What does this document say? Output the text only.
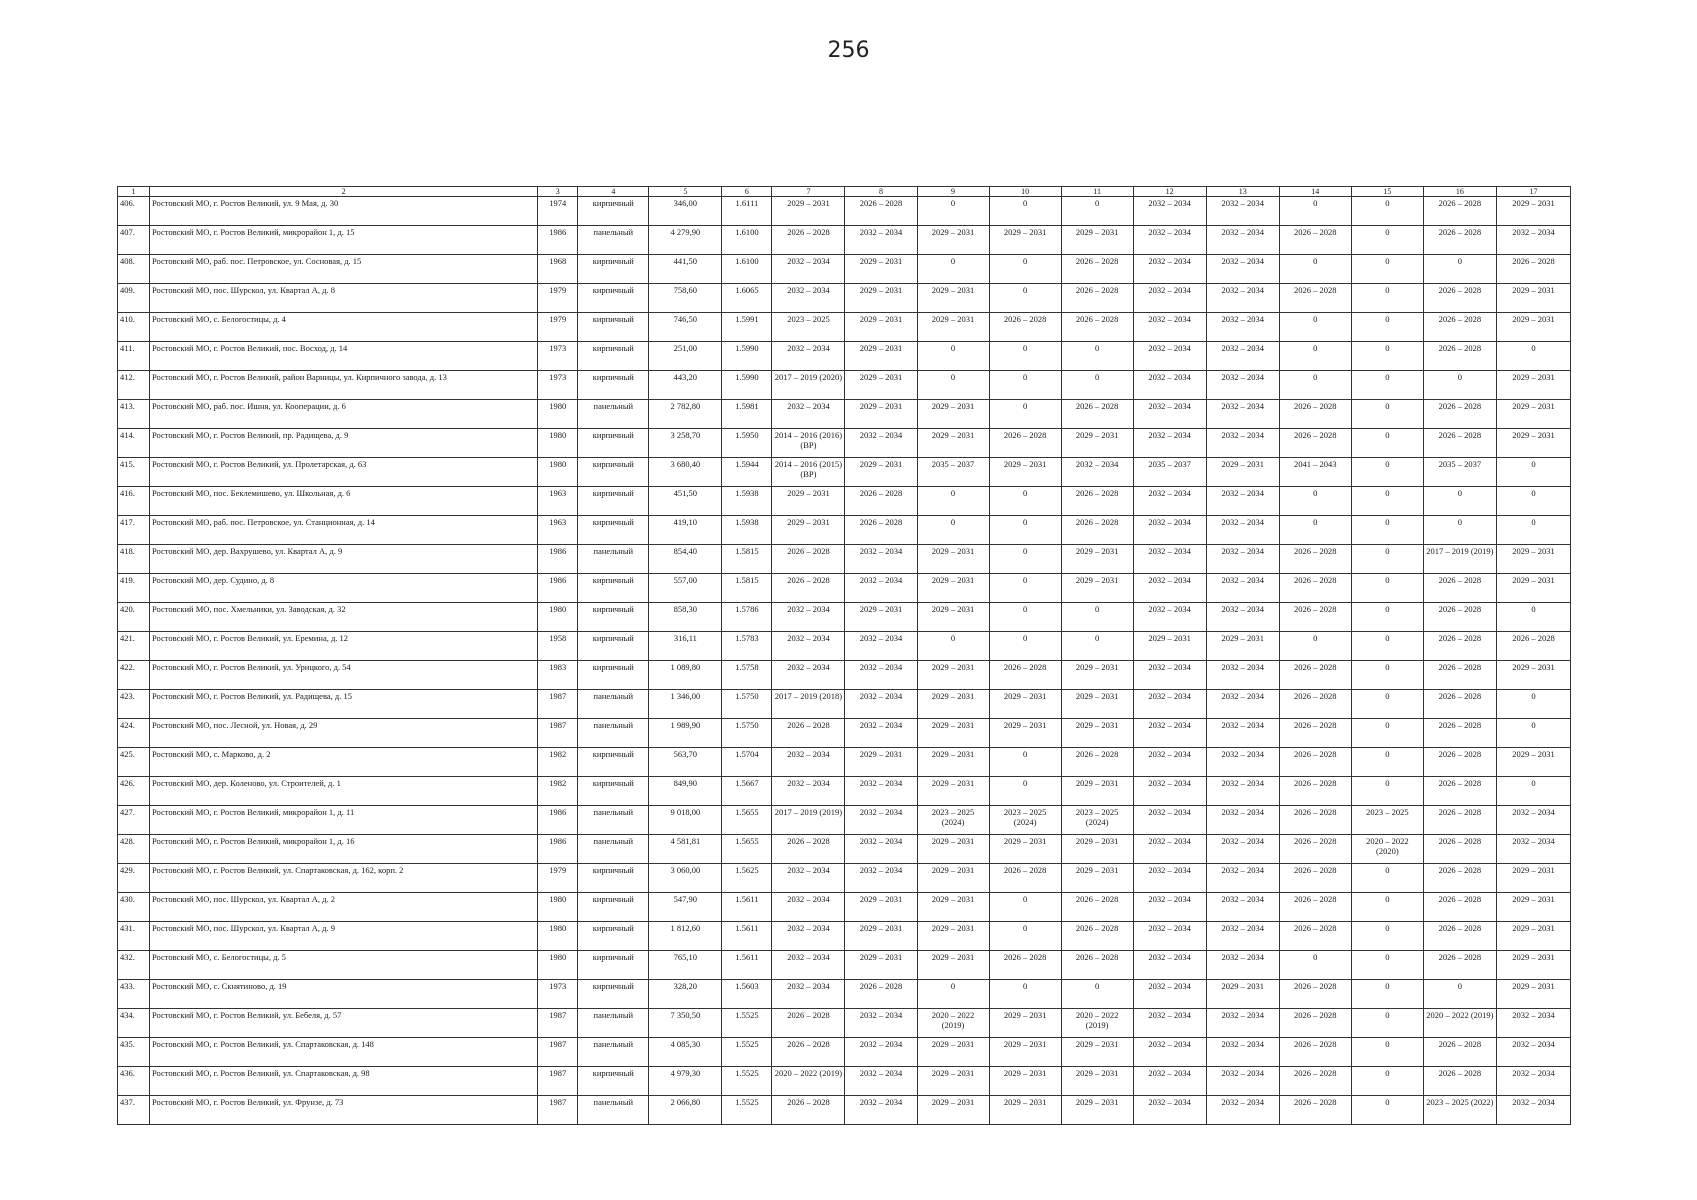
256
1	2	3	4	5	6	7	8	9	10	11	12	13	14	15	16	17
406.	Ростовский МО, г. Ростов Великий, ул. 9 Мая, д. 30	1974	кирпичный	346,00	1.6111	2029 – 2031	2026 – 2028	0	0	0	2032 – 2034	2032 – 2034	0	0	2026 – 2028	2029 – 2031
407.	Ростовский МО, г. Ростов Великий, микрорайон 1, д. 15	1986	панельный	4 279,90	1.6100	2026 – 2028	2032 – 2034	2029 – 2031	2029 – 2031	2029 – 2031	2032 – 2034	2032 – 2034	2026 – 2028	0	2026 – 2028	2032 – 2034
408.	Ростовский МО, раб. пос. Петровское, ул. Сосновая, д. 15	1968	кирпичный	441,50	1.6100	2032 – 2034	2029 – 2031	0	0	2026 – 2028	2032 – 2034	2032 – 2034	0	0	0	2026 – 2028
409.	Ростовский МО, пос. Шурскол, ул. Квартал А, д. 8	1979	кирпичный	758,60	1.6065	2032 – 2034	2029 – 2031	2029 – 2031	0	2026 – 2028	2032 – 2034	2032 – 2034	2026 – 2028	0	2026 – 2028	2029 – 2031
410.	Ростовский МО, с. Белогостицы, д. 4	1979	кирпичный	746,50	1.5991	2023 – 2025	2029 – 2031	2029 – 2031	2026 – 2028	2026 – 2028	2032 – 2034	2032 – 2034	0	0	2026 – 2028	2029 – 2031
411.	Ростовский МО, г. Ростов Великий, пос. Восход, д. 14	1973	кирпичный	251,00	1.5990	2032 – 2034	2029 – 2031	0	0	0	2032 – 2034	2032 – 2034	0	0	2026 – 2028	0
412.	Ростовский МО, г. Ростов Великий, район Варницы, ул. Кирпичного завода, д. 13	1973	кирпичный	443,20	1.5990	2017 – 2019 (2020)	2029 – 2031	0	0	0	2032 – 2034	2032 – 2034	0	0	0	2029 – 2031
413.	Ростовский МО, раб. пос. Ишня, ул. Кооперации, д. 6	1980	панельный	2 782,80	1.5981	2032 – 2034	2029 – 2031	2029 – 2031	0	2026 – 2028	2032 – 2034	2032 – 2034	2026 – 2028	0	2026 – 2028	2029 – 2031
414.	Ростовский МО, г. Ростов Великий, пр. Радищева, д. 9	1980	кирпичный	3 258,70	1.5950	2014 – 2016 (2016) (ВР)	2032 – 2034	2029 – 2031	2026 – 2028	2029 – 2031	2032 – 2034	2032 – 2034	2026 – 2028	0	2026 – 2028	2029 – 2031
415.	Ростовский МО, г. Ростов Великий, ул. Пролетарская, д. 63	1980	кирпичный	3 680,40	1.5944	2014 – 2016 (2015) (ВР)	2029 – 2031	2035 – 2037	2029 – 2031	2032 – 2034	2035 – 2037	2029 – 2031	2041 – 2043	0	2035 – 2037	0
416.	Ростовский МО, пос. Беклемишево, ул. Школьная, д. 6	1963	кирпичный	451,50	1.5938	2029 – 2031	2026 – 2028	0	0	2026 – 2028	2032 – 2034	2032 – 2034	0	0	0	0
417.	Ростовский МО, раб. пос. Петровское, ул. Станционная, д. 14	1963	кирпичный	419,10	1.5938	2029 – 2031	2026 – 2028	0	0	2026 – 2028	2032 – 2034	2032 – 2034	0	0	0	0
418.	Ростовский МО, дер. Вахрушево, ул. Квартал А, д. 9	1986	панельный	854,40	1.5815	2026 – 2028	2032 – 2034	2029 – 2031	0	2029 – 2031	2032 – 2034	2032 – 2034	2026 – 2028	0	2017 – 2019 (2019)	2029 – 2031
419.	Ростовский МО, дер. Судино, д. 8	1986	кирпичный	557,00	1.5815	2026 – 2028	2032 – 2034	2029 – 2031	0	2029 – 2031	2032 – 2034	2032 – 2034	2026 – 2028	0	2026 – 2028	2029 – 2031
420.	Ростовский МО, пос. Хмельники, ул. Заводская, д. 32	1980	кирпичный	858,30	1.5786	2032 – 2034	2029 – 2031	2029 – 2031	0	0	2032 – 2034	2032 – 2034	2026 – 2028	0	2026 – 2028	0
421.	Ростовский МО, г. Ростов Великий, ул. Еремина, д. 12	1958	кирпичный	316,11	1.5783	2032 – 2034	2032 – 2034	0	0	0	2029 – 2031	2029 – 2031	0	0	2026 – 2028	2026 – 2028
422.	Ростовский МО, г. Ростов Великий, ул. Урицкого, д. 54	1983	кирпичный	1 089,80	1.5758	2032 – 2034	2032 – 2034	2029 – 2031	2026 – 2028	2029 – 2031	2032 – 2034	2032 – 2034	2026 – 2028	0	2026 – 2028	2029 – 2031
423.	Ростовский МО, г. Ростов Великий, ул. Радищева, д. 15	1987	панельный	1 346,00	1.5750	2017 – 2019 (2018)	2032 – 2034	2029 – 2031	2029 – 2031	2029 – 2031	2032 – 2034	2032 – 2034	2026 – 2028	0	2026 – 2028	0
424.	Ростовский МО, пос. Лесной, ул. Новая, д. 29	1987	панельный	1 989,90	1.5750	2026 – 2028	2032 – 2034	2029 – 2031	2029 – 2031	2029 – 2031	2032 – 2034	2032 – 2034	2026 – 2028	0	2026 – 2028	0
425.	Ростовский МО, с. Марково, д. 2	1982	кирпичный	563,70	1.5704	2032 – 2034	2029 – 2031	2029 – 2031	0	2026 – 2028	2032 – 2034	2032 – 2034	2026 – 2028	0	2026 – 2028	2029 – 2031
426.	Ростовский МО, дер. Коленово, ул. Строителей, д. 1	1982	кирпичный	849,90	1.5667	2032 – 2034	2032 – 2034	2029 – 2031	0	2029 – 2031	2032 – 2034	2032 – 2034	2026 – 2028	0	2026 – 2028	0
427.	Ростовский МО, г. Ростов Великий, микрорайон 1, д. 11	1986	панельный	9 018,00	1.5655	2017 – 2019 (2019)	2032 – 2034	2023 – 2025 (2024)	2023 – 2025 (2024)	2023 – 2025 (2024)	2032 – 2034	2032 – 2034	2026 – 2028	2023 – 2025	2026 – 2028	2032 – 2034
428.	Ростовский МО, г. Ростов Великий, микрорайон 1, д. 16	1986	панельный	4 581,81	1.5655	2026 – 2028	2032 – 2034	2029 – 2031	2029 – 2031	2029 – 2031	2032 – 2034	2032 – 2034	2026 – 2028	2020 – 2022 (2020)	2026 – 2028	2032 – 2034
429.	Ростовский МО, г. Ростов Великий, ул. Спартаковская, д. 162, корп. 2	1979	кирпичный	3 060,00	1.5625	2032 – 2034	2032 – 2034	2029 – 2031	2026 – 2028	2029 – 2031	2032 – 2034	2032 – 2034	2026 – 2028	0	2026 – 2028	2029 – 2031
430.	Ростовский МО, пос. Шурскол, ул. Квартал А, д. 2	1980	кирпичный	547,90	1.5611	2032 – 2034	2029 – 2031	2029 – 2031	0	2026 – 2028	2032 – 2034	2032 – 2034	2026 – 2028	0	2026 – 2028	2029 – 2031
431.	Ростовский МО, пос. Шурскол, ул. Квартал А, д. 9	1980	кирпичный	1 812,60	1.5611	2032 – 2034	2029 – 2031	2029 – 2031	0	2026 – 2028	2032 – 2034	2032 – 2034	2026 – 2028	0	2026 – 2028	2029 – 2031
432.	Ростовский МО, с. Белогостицы, д. 5	1980	кирпичный	765,10	1.5611	2032 – 2034	2029 – 2031	2029 – 2031	2026 – 2028	2026 – 2028	2032 – 2034	2032 – 2034	0	0	2026 – 2028	2029 – 2031
433.	Ростовский МО, с. Скнятиново, д. 19	1973	кирпичный	328,20	1.5603	2032 – 2034	2026 – 2028	0	0	0	2032 – 2034	2029 – 2031	2026 – 2028	0	0	2029 – 2031
434.	Ростовский МО, г. Ростов Великий, ул. Бебеля, д. 57	1987	панельный	7 350,50	1.5525	2026 – 2028	2032 – 2034	2020 – 2022 (2019)	2029 – 2031	2020 – 2022 (2019)	2032 – 2034	2032 – 2034	2026 – 2028	0	2020 – 2022 (2019)	2032 – 2034
435.	Ростовский МО, г. Ростов Великий, ул. Спартаковская, д. 148	1987	панельный	4 085,30	1.5525	2026 – 2028	2032 – 2034	2029 – 2031	2029 – 2031	2029 – 2031	2032 – 2034	2032 – 2034	2026 – 2028	0	2026 – 2028	2032 – 2034
436.	Ростовский МО, г. Ростов Великий, ул. Спартаковская, д. 98	1987	кирпичный	4 979,30	1.5525	2020 – 2022 (2019)	2032 – 2034	2029 – 2031	2029 – 2031	2029 – 2031	2032 – 2034	2032 – 2034	2026 – 2028	0	2026 – 2028	2032 – 2034
437.	Ростовский МО, г. Ростов Великий, ул. Фрунзе, д. 73	1987	панельный	2 066,80	1.5525	2026 – 2028	2032 – 2034	2029 – 2031	2029 – 2031	2029 – 2031	2032 – 2034	2032 – 2034	2026 – 2028	0	2023 – 2025 (2022)	2032 – 2034
